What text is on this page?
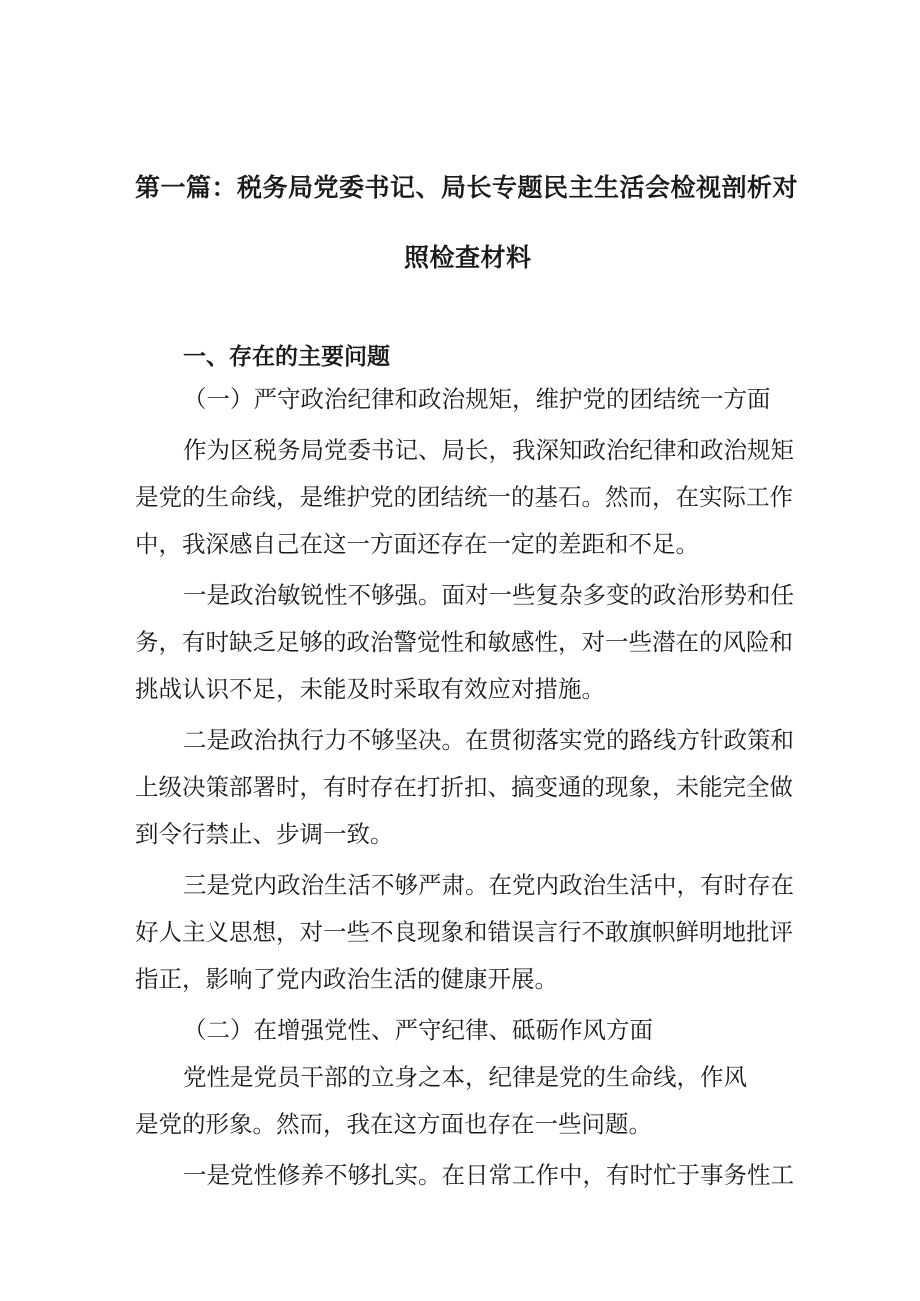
第一篇：税务局党委书记、局长专题民主生活会检视剖析对
照检查材料
一、存在的主要问题
（一）严守政治纪律和政治规矩，维护党的团结统一方面
作为区税务局党委书记、局长，我深知政治纪律和政治规矩
是党的生命线，是维护党的团结统一的基石。然而，在实际工作
中，我深感自己在这一方面还存在一定的差距和不足。
一是政治敏锐性不够强。面对一些复杂多变的政治形势和任
务，有时缺乏足够的政治警觉性和敏感性，对一些潜在的风险和
挑战认识不足，未能及时采取有效应对措施。
二是政治执行力不够坚决。在贯彻落实党的路线方针政策和
上级决策部署时，有时存在打折扣、搞变通的现象，未能完全做
到令行禁止、步调一致。
三是党内政治生活不够严肃。在党内政治生活中，有时存在
好人主义思想，对一些不良现象和错误言行不敢旗帜鲜明地批评
指正，影响了党内政治生活的健康开展。
（二）在增强党性、严守纪律、砥砺作风方面
党性是党员干部的立身之本，纪律是党的生命线，作风
是党的形象。然而，我在这方面也存在一些问题。
一是党性修养不够扎实。在日常工作中，有时忙于事务性工
